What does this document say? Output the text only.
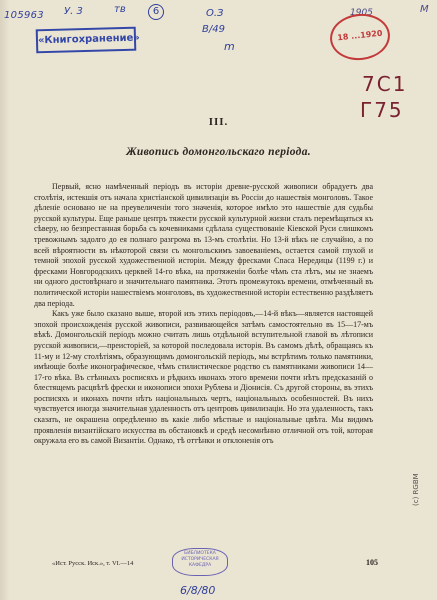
105963 У. 3	тв	6	О.З
В/49
m
1905	М
7С1
Г75
«Книгохранение»	18 ...1920
III.
Живопись домонгольскаго періода.

Первый, ясно намѣченный періодъ въ исторіи древне-русской живописи обрадуетъ два столѣтія, истекшія отъ начала христіанской цивилизаціи въ Россіи до нашествія монголовъ. Такое дѣленіе основано не на преувеличеніи того значенія, которое имѣло это нашествіе для судьбы русской культуры. Еще раньше центръ тяжести русской культурной жизни сталъ перемѣщаться къ сѣверу, но безпрестанная борьба съ кочевниками сдѣлала существованіе Кіевской Руси слишкомъ тревожнымъ задолго до ея полнаго разгрома въ 13-мъ столѣтіи. Но 13-й вѣкъ не случайно, а по всей вѣроятности въ нѣкоторой связи съ монгольскимъ завоеваніемъ, остается самой глухой и темной эпохой русской художественной исторіи. Между фресками Спаса Нередицы (1199 г.) и фресками Новгородскихъ церквей 14-го вѣка, на протяженіи болѣе чѣмъ ста лѣтъ, мы не знаемъ ни одного достовѣрнаго и значительнаго памятника. Этотъ промежутокъ времени, отмѣченный въ политической исторіи нашествіемъ монголовъ, въ художественной исторіи естественно раздѣляетъ два періода.

Какъ уже было сказано выше, второй изъ этихъ періодовъ,—14-й вѣкъ—является настоящей эпохой происхожденія русской живописи, развивающейся затѣмъ самостоятельно въ 15—17-мъ вѣкѣ. Домонгольскій періодъ можно считать лишь отдѣльной вступительной главой въ лѣтописи русской живописи,—преисторіей, за которой последовала исторія. Въ самомъ дѣлѣ, обращаясь къ 11-му и 12-му столѣтіямъ, образующимъ домонгольскій періодъ, мы встрѣтимъ только памятники, имѣющіе болѣе иконографическое, чѣмъ стилистическое родство съ памятниками живописи 14—17-го вѣка. Въ стѣнныхъ росписяхъ и рѣдкихъ иконахъ этого времени почти нѣтъ предсказаній о блестящемъ расцвѣтѣ фрески и иконописи эпохи Рублева и Діонисія. Съ другой стороны, въ этихъ росписяхъ и иконахъ почти нѣтъ національныхъ чертъ, національныхъ особенностей. Въ нихъ чувствуется иногда значительная удаленность отъ центровъ цивилизаціи. Но эта удаленность, такъ сказать, не окрашена опредѣленно въ какіе либо мѣстные и національные цвѣта. Мы видимъ проявленія византійскаго искусства въ обстановкѣ и средѣ несомнѣнно отличной отъ той, которая окружала его въ самой Византіи. Однако, тѣ оттѣнки и отклоненія отъ

«Ист. Русск. Иск.», т. VI.—14	105
БИБЛИОТЕКА
ИСТОРИЧЕСКАЯ
КАФЕДРА
6/8/80
(c) RGBM
